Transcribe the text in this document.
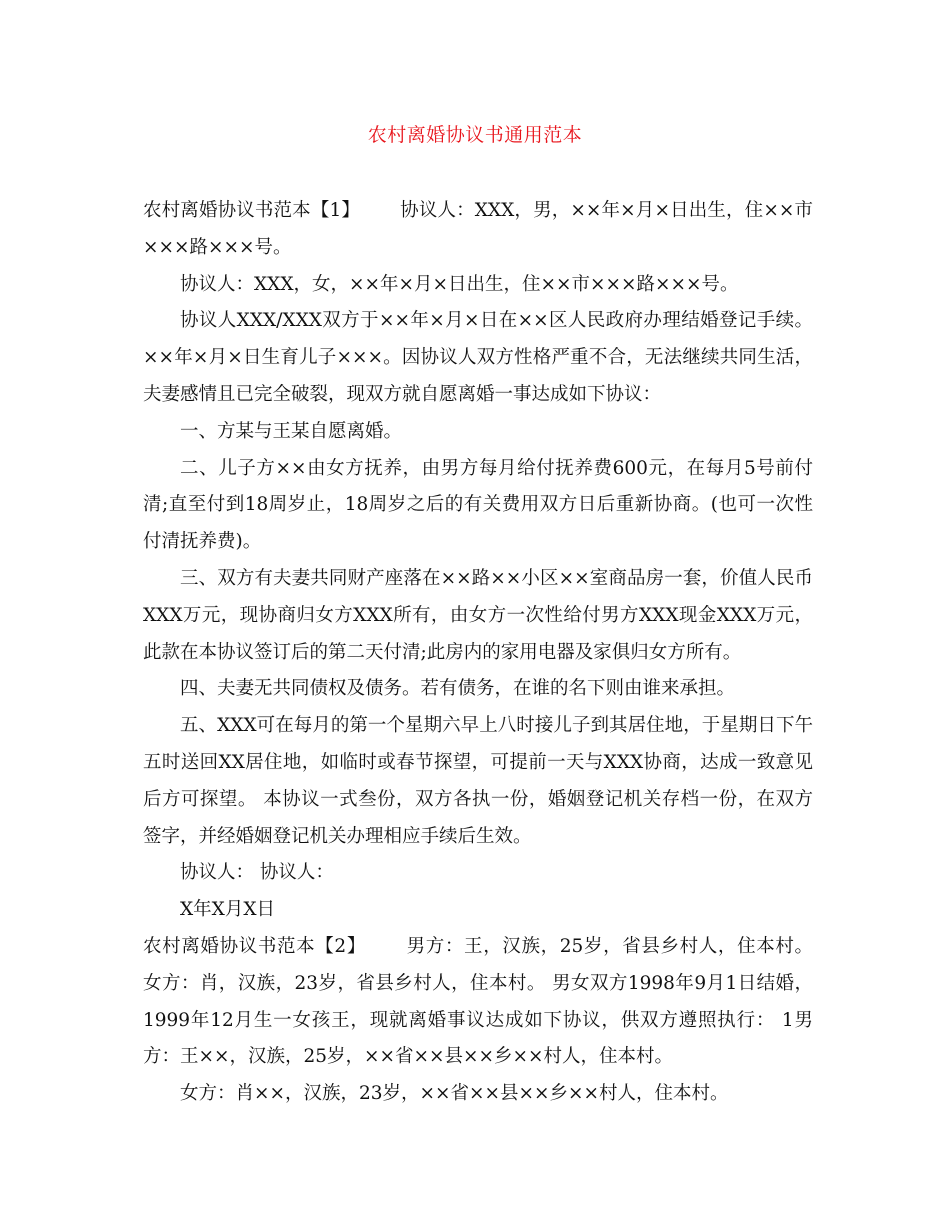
农村离婚协议书通用范本

农村离婚协议书范本【1】 协议人：XXX，男，××年×月×日出生，住××市×××路×××号。

协议人：XXX，女，××年×月×日出生，住××市×××路×××号。

协议人XXX/XXX双方于××年×月×日在××区人民政府办理结婚登记手续。××年×月×日生育儿子×××。因协议人双方性格严重不合，无法继续共同生活，夫妻感情且已完全破裂，现双方就自愿离婚一事达成如下协议：

一、方某与王某自愿离婚。

二、儿子方××由女方抚养，由男方每月给付抚养费600元，在每月5号前付清;直至付到18周岁止，18周岁之后的有关费用双方日后重新协商。(也可一次性付清抚养费)。

三、双方有夫妻共同财产座落在××路××小区××室商品房一套，价值人民币XXX万元，现协商归女方XXX所有，由女方一次性给付男方XXX现金XXX万元，此款在本协议签订后的第二天付清;此房内的家用电器及家俱归女方所有。

四、夫妻无共同债权及债务。若有债务，在谁的名下则由谁来承担。

五、XXX可在每月的第一个星期六早上八时接儿子到其居住地，于星期日下午五时送回XX居住地，如临时或春节探望，可提前一天与XXX协商，达成一致意见后方可探望。 本协议一式叁份，双方各执一份，婚姻登记机关存档一份，在双方签字，并经婚姻登记机关办理相应手续后生效。

协议人： 协议人：

X年X月X日

农村离婚协议书范本【2】 男方：王，汉族，25岁，省县乡村人，住本村。 女方：肖，汉族，23岁，省县乡村人，住本村。 男女双方1998年9月1日结婚，1999年12月生一女孩王，现就离婚事议达成如下协议，供双方遵照执行： 1男方：王××，汉族，25岁，××省××县××乡××村人，住本村。

女方：肖××，汉族，23岁，××省××县××乡××村人，住本村。
